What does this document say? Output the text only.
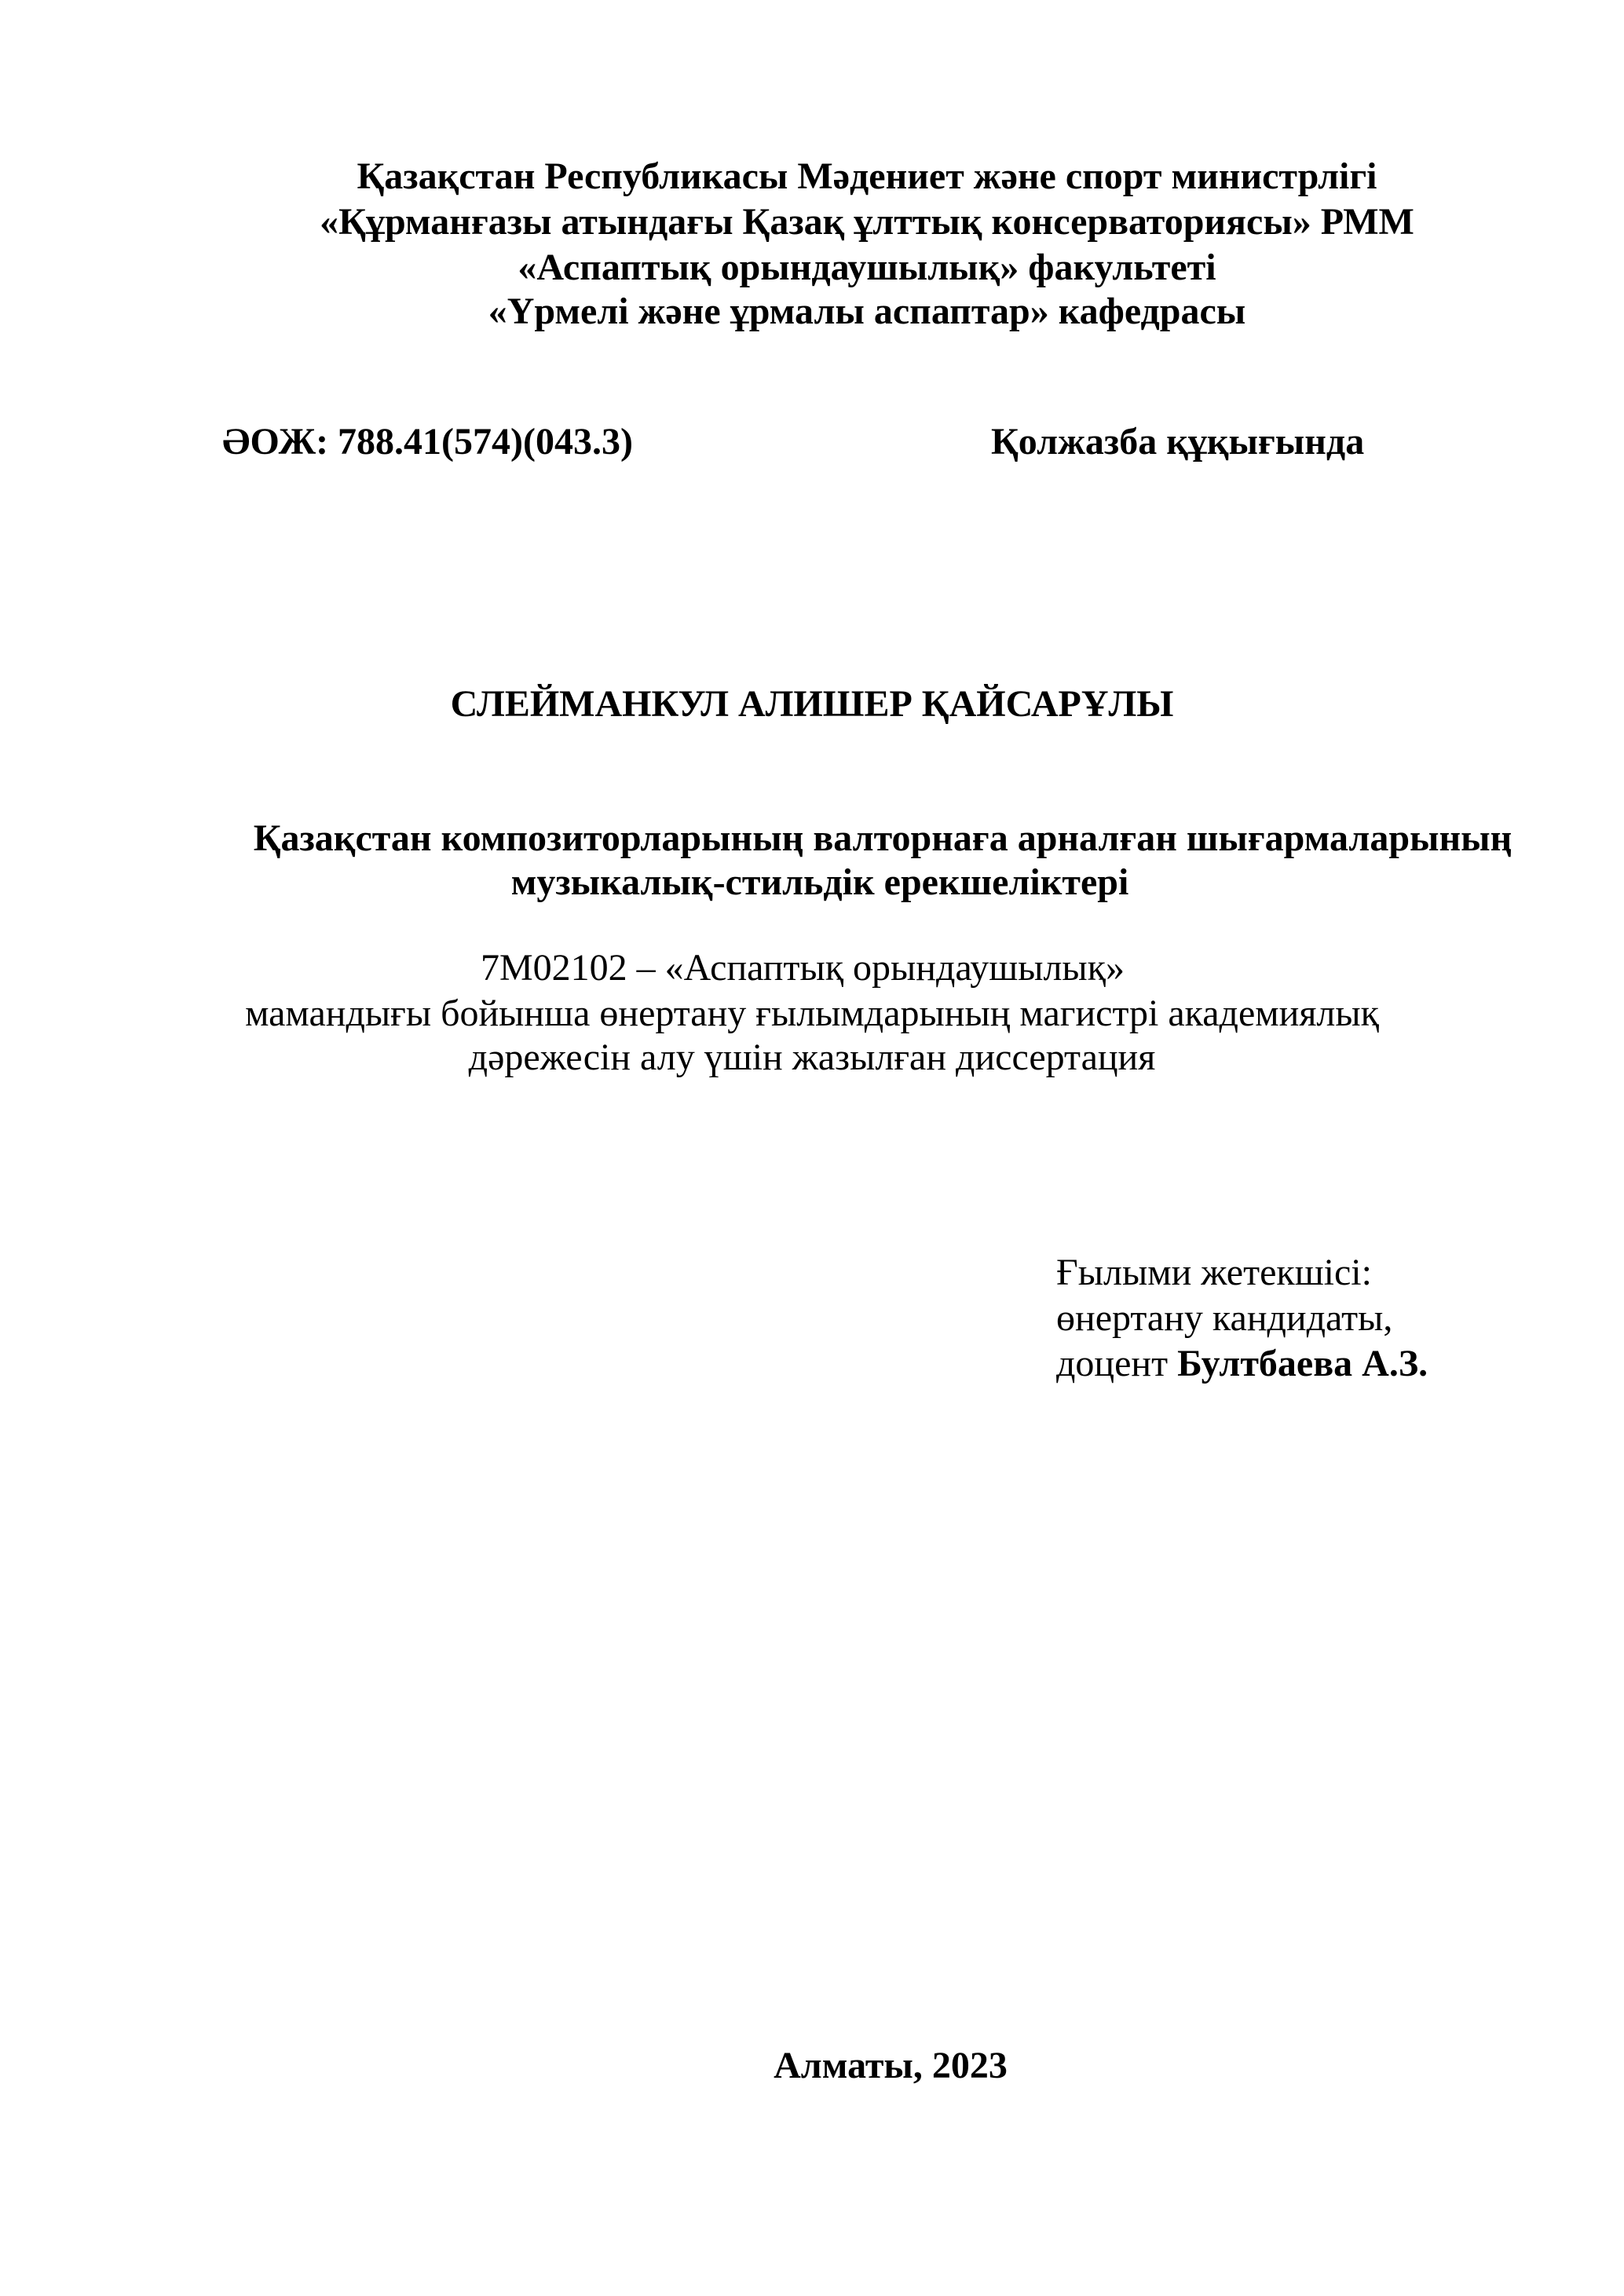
Қазақстан Республикасы Мәдениет және спорт министрлігі
«Құрманғазы атындағы Қазақ ұлттық консерваториясы» РММ
«Аспаптық орындаушылық» факультеті
«Үрмелі және ұрмалы аспаптар» кафедрасы
ӘОЖ: 788.41(574)(043.3)	Қолжазба құқығында
СЛЕЙМАНКУЛ АЛИШЕР ҚАЙСАРҰЛЫ
Қазақстан композиторларының валторнаға арналған шығармаларының
музыкалық-стильдік ерекшеліктері
7M02102 – «Аспаптық орындаушылық»
мамандығы бойынша өнертану ғылымдарының магистрі академиялық
дәрежесін алу үшін жазылған диссертация
Ғылыми жетекшісі:
өнертану кандидаты,
доцент Бултбаева А.З.
Алматы, 2023
